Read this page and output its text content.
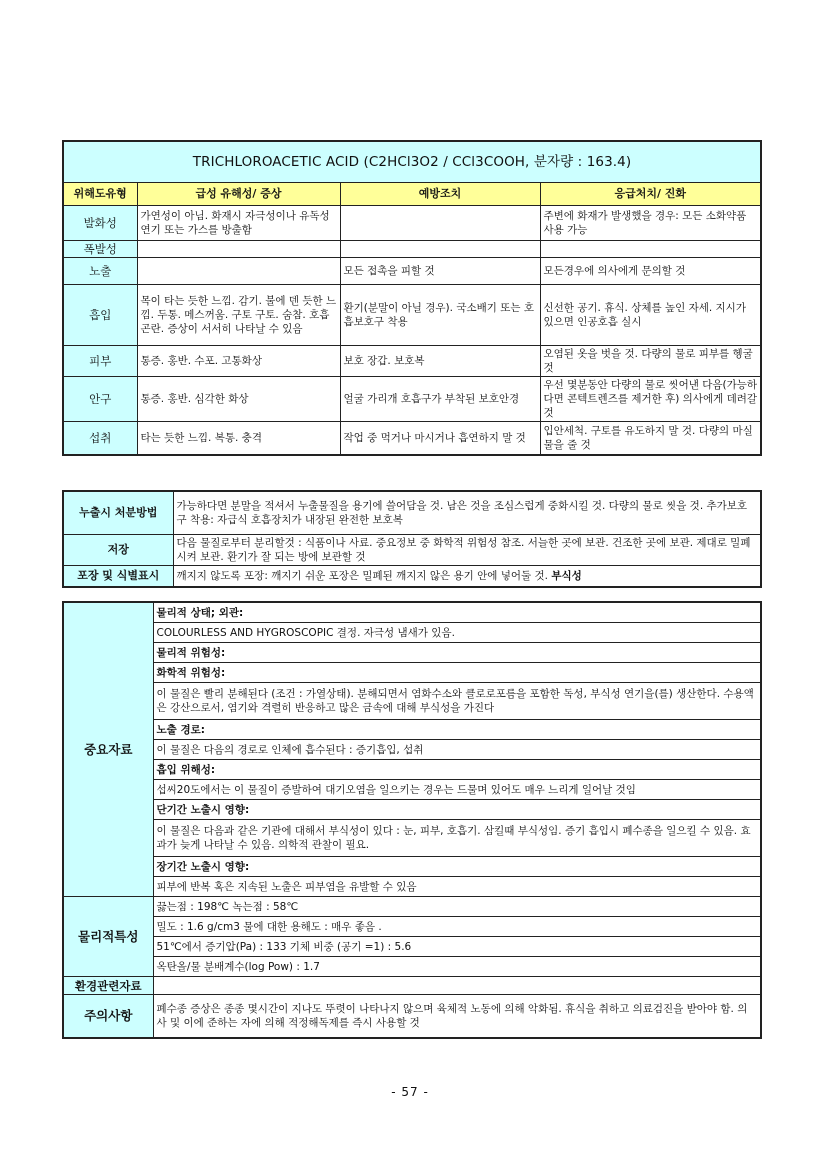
TRICHLOROACETIC ACID (C2HCl3O2 / CCl3COOH, 분자량 : 163.4)			
위해도유형	급성 유해성/ 증상	예방조치	응급처치/ 진화
발화성	가연성이 아님. 화재시 자극성이나 유독성 연기 또는 가스를 방출함		주변에 화재가 발생했을 경우: 모든 소화약품 사용 가능
폭발성			
노출		모든 접촉을 피할 것	모든경우에 의사에게 문의할 것
흡입	목이 타는 듯한 느낌. 감기. 불에 덴 듯한 느낌. 두통. 메스꺼움. 구토 구토. 숨참. 호흡곤란. 증상이 서서히 나타날 수 있음	환기(분말이 아닐 경우). 국소배기 또는 호흡보호구 착용	신선한 공기. 휴식. 상체를 높인 자세. 지시가 있으면 인공호흡 실시
피부	통증. 홍반. 수포. 고통화상	보호 장갑. 보호복	오염된 옷을 벗을 것. 다량의 물로 피부를 헹굴 것
안구	통증. 홍반. 심각한 화상	얼굴 가리개 호흡구가 부착된 보호안경	우선 몇분동안 다량의 물로 씻어낸 다음(가능하다면 콘텍트렌즈를 제거한 후) 의사에게 데려갈 것
섭취	타는 듯한 느낌. 복통. 충격	작업 중 먹거나 마시거나 흡연하지 말 것	입안세척. 구토를 유도하지 말 것. 다량의 마실물을 줄 것
누출시 처분방법	가능하다면 분말을 적셔서 누출물질을 용기에 쓸어담을 것. 남은 것을 조심스럽게 중화시킬 것. 다량의 물로 씻을 것. 추가보호구 착용: 자급식 호흡장치가 내장된 완전한 보호복
저장	다음 물질로부터 분리할것 : 식품이나 사료. 중요정보 중 화학적 위험성 참조. 서늘한 곳에 보관. 건조한 곳에 보관. 제대로 밀폐시켜 보관. 환기가 잘 되는 방에 보관할 것
포장 및 식별표시	깨지지 않도록 포장: 깨지기 쉬운 포장은 밀폐된 깨지지 않은 용기 안에 넣어둘 것. 부식성
중요자료	물리적 상태; 외관:
	COLOURLESS AND HYGROSCOPIC 결정. 자극성 냄새가 있음.
	물리적 위험성:
	화학적 위험성:
	이 물질은 빨리 분해된다 (조건 : 가열상태). 분해되면서 염화수소와 클로로포름을 포함한 독성, 부식성 연기을(를) 생산한다. 수용액은 강산으로서, 염기와 격렬히 반응하고 많은 금속에 대해 부식성을 가진다
	노출 경로:
	이 물질은 다음의 경로로 인체에 흡수된다 : 증기흡입, 섭취
	흡입 위해성:
	섭씨20도에서는 이 물질이 증발하여 대기오염을 일으키는 경우는 드물며 있어도 매우 느리게 일어날 것임
	단기간 노출시 영향:
	이 물질은 다음과 같은 기관에 대해서 부식성이 있다 : 눈, 피부, 호흡기. 삼킬때 부식성임. 증기 흡입시 폐수종을 일으킬 수 있음. 효과가 늦게 나타날 수 있음. 의학적 관찰이 필요.
	장기간 노출시 영향:
	피부에 반복 혹은 지속된 노출은 피부염을 유발할 수 있음
물리적특성	끓는점 : 198℃ 녹는점 : 58℃
	밀도 : 1.6 g/cm3 물에 대한 용해도 : 매우 좋음 .
	51℃에서 증기압(Pa) : 133 기체 비중 (공기 =1) : 5.6
	옥탄올/물 분배계수(log Pow) : 1.7
환경관련자료	
주의사항	폐수종 증상은 종종 몇시간이 지나도 뚜렷이 나타나지 않으며 육체적 노동에 의해 악화됨. 휴식을 취하고 의료검진을 받아야 함. 의사 및 이에 준하는 자에 의해 적정해독제를 즉시 사용할 것
- 57 -
